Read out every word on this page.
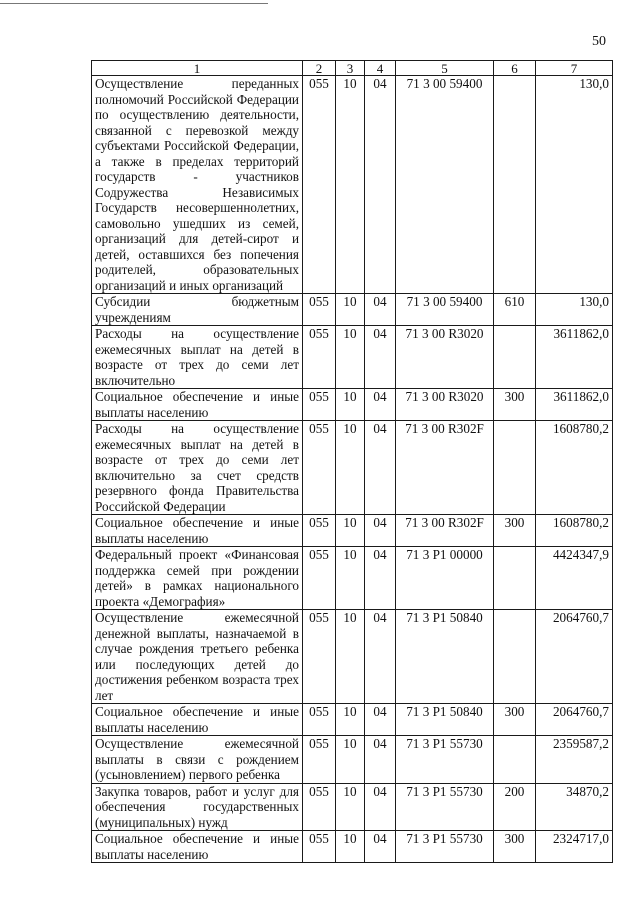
50
1	2	3	4	5	6	7
Осуществление переданных полномочий Российской Федерации по осуществлению деятельности, связанной с перевозкой между субъектами Российской Федерации, а также в пределах территорий государств - участников Содружества Независимых Государств несовершеннолетних, самовольно ушедших из семей, организаций для детей-сирот и детей, оставшихся без попечения родителей, образовательных организаций и иных организаций	055	10	04	71 3 00 59400		130,0
Субсидии бюджетным учреждениям	055	10	04	71 3 00 59400	610	130,0
Расходы на осуществление ежемесячных выплат на детей в возрасте от трех до семи лет включительно	055	10	04	71 3 00 R3020		3611862,0
Социальное обеспечение и иные выплаты населению	055	10	04	71 3 00 R3020	300	3611862,0
Расходы на осуществление ежемесячных выплат на детей в возрасте от трех до семи лет включительно за счет средств резервного фонда Правительства Российской Федерации	055	10	04	71 3 00 R302F		1608780,2
Социальное обеспечение и иные выплаты населению	055	10	04	71 3 00 R302F	300	1608780,2
Федеральный проект «Финансовая поддержка семей при рождении детей» в рамках национального проекта «Демография»	055	10	04	71 3 P1 00000		4424347,9
Осуществление ежемесячной денежной выплаты, назначаемой в случае рождения третьего ребенка или последующих детей до достижения ребенком возраста трех лет	055	10	04	71 3 P1 50840		2064760,7
Социальное обеспечение и иные выплаты населению	055	10	04	71 3 P1 50840	300	2064760,7
Осуществление ежемесячной выплаты в связи с рождением (усыновлением) первого ребенка	055	10	04	71 3 P1 55730		2359587,2
Закупка товаров, работ и услуг для обеспечения государственных (муниципальных) нужд	055	10	04	71 3 P1 55730	200	34870,2
Социальное обеспечение и иные выплаты населению	055	10	04	71 3 P1 55730	300	2324717,0
